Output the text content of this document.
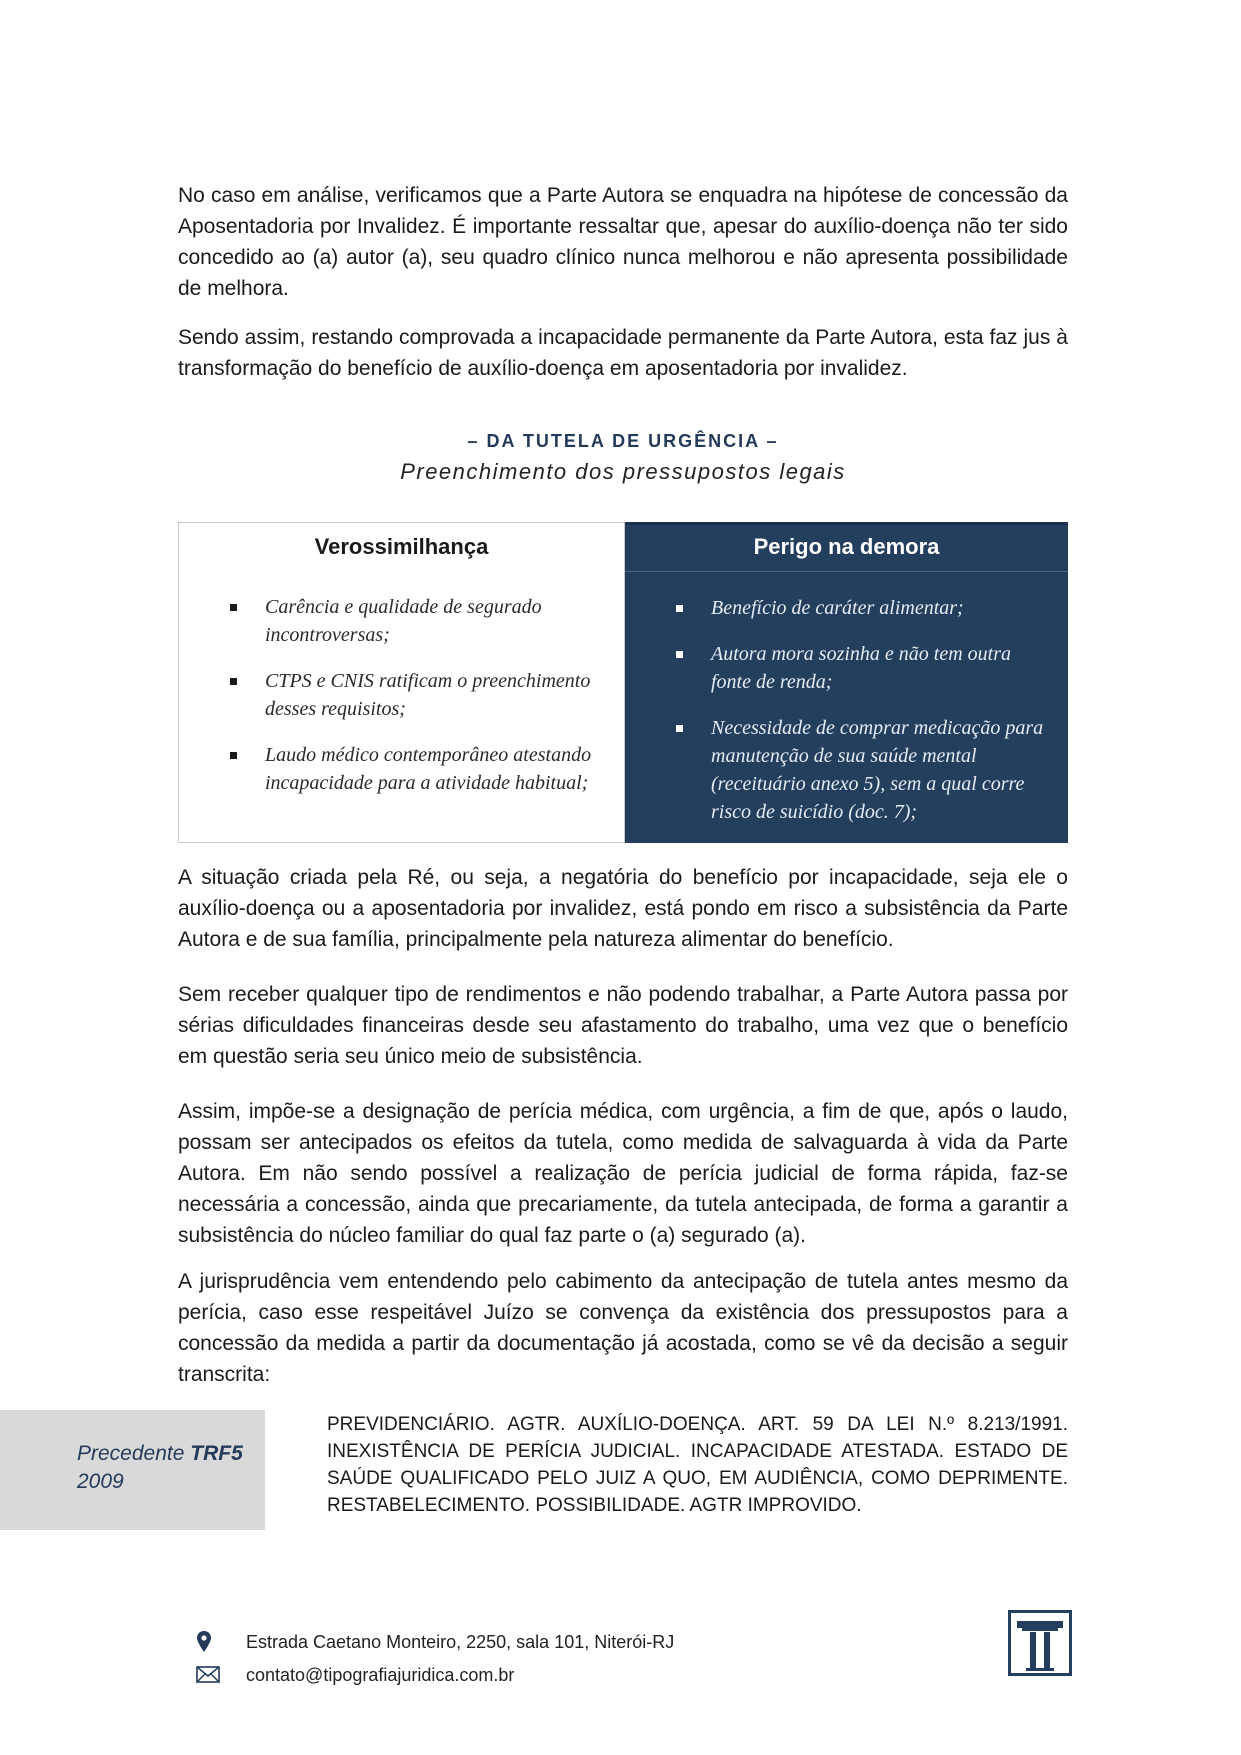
No caso em análise, verificamos que a Parte Autora se enquadra na hipótese de concessão da Aposentadoria por Invalidez. É importante ressaltar que, apesar do auxílio-doença não ter sido concedido ao (a) autor (a), seu quadro clínico nunca melhorou e não apresenta possibilidade de melhora.

Sendo assim, restando comprovada a incapacidade permanente da Parte Autora, esta faz jus à transformação do benefício de auxílio-doença em aposentadoria por invalidez.

– DA TUTELA DE URGÊNCIA –
Preenchimento dos pressupostos legais
Verossimilhança
Carência e qualidade de segurado incontroversas;
CTPS e CNIS ratificam o preenchimento desses requisitos;
Laudo médico contemporâneo atestando incapacidade para a atividade habitual;
Perigo na demora
Benefício de caráter alimentar;
Autora mora sozinha e não tem outra fonte de renda;
Necessidade de comprar medicação para manutenção de sua saúde mental (receituário anexo 5), sem a qual corre risco de suicídio (doc. 7);

A situação criada pela Ré, ou seja, a negatória do benefício por incapacidade, seja ele o auxílio-doença ou a aposentadoria por invalidez, está pondo em risco a subsistência da Parte Autora e de sua família, principalmente pela natureza alimentar do benefício.

Sem receber qualquer tipo de rendimentos e não podendo trabalhar, a Parte Autora passa por sérias dificuldades financeiras desde seu afastamento do trabalho, uma vez que o benefício em questão seria seu único meio de subsistência.

Assim, impõe-se a designação de perícia médica, com urgência, a fim de que, após o laudo, possam ser antecipados os efeitos da tutela, como medida de salvaguarda à vida da Parte Autora. Em não sendo possível a realização de perícia judicial de forma rápida, faz-se necessária a concessão, ainda que precariamente, da tutela antecipada, de forma a garantir a subsistência do núcleo familiar do qual faz parte o (a) segurado (a).

A jurisprudência vem entendendo pelo cabimento da antecipação de tutela antes mesmo da perícia, caso esse respeitável Juízo se convença da existência dos pressupostos para a concessão da medida a partir da documentação já acostada, como se vê da decisão a seguir transcrita:

Precedente TRF5
2009

PREVIDENCIÁRIO. AGTR. AUXÍLIO-DOENÇA. ART. 59 DA LEI N.º 8.213/1991. INEXISTÊNCIA DE PERÍCIA JUDICIAL. INCAPACIDADE ATESTADA. ESTADO DE SAÚDE QUALIFICADO PELO JUIZ A QUO, EM AUDIÊNCIA, COMO DEPRIMENTE. RESTABELECIMENTO. POSSIBILIDADE. AGTR IMPROVIDO.

Estrada Caetano Monteiro, 2250, sala 101, Niterói-RJ
contato@tipografiajuridica.com.br
